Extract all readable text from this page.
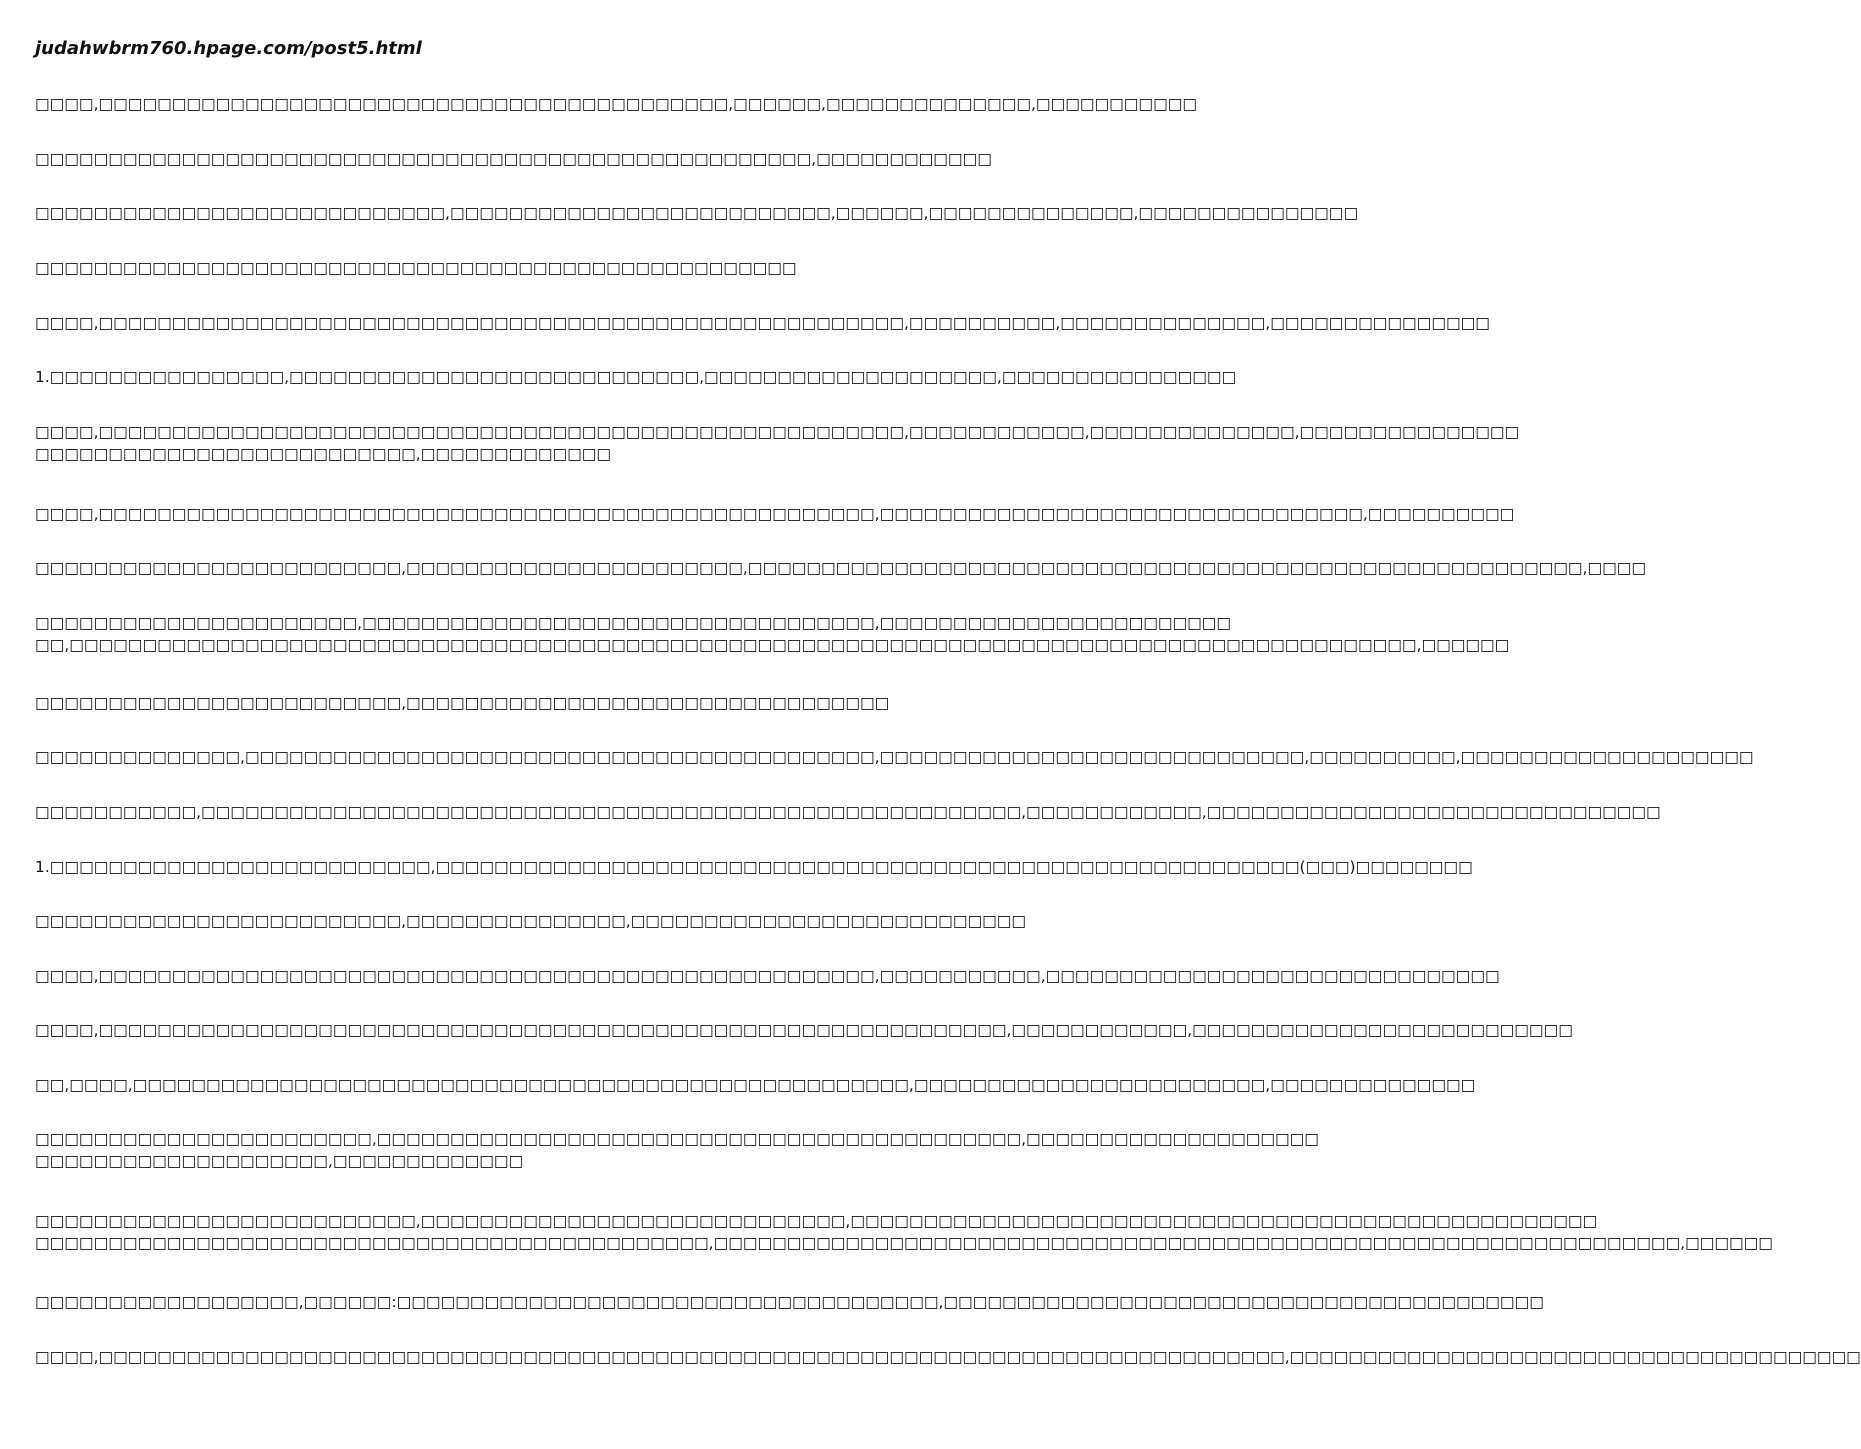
judahwbrm760.hpage.com/post5.html

□□□□,□□□□□□□□□□□□□□□□□□□□□□□□□□□□□□□□□□□□□□□□□□□,□□□□□□,□□□□□□□□□□□□□□,□□□□□□□□□□□

□□□□□□□□□□□□□□□□□□□□□□□□□□□□□□□□□□□□□□□□□□□□□□□□□□□□□,□□□□□□□□□□□□

□□□□□□□□□□□□□□□□□□□□□□□□□□□□,□□□□□□□□□□□□□□□□□□□□□□□□□□,□□□□□□,□□□□□□□□□□□□□□,□□□□□□□□□□□□□□□

□□□□□□□□□□□□□□□□□□□□□□□□□□□□□□□□□□□□□□□□□□□□□□□□□□□□

□□□□,□□□□□□□□□□□□□□□□□□□□□□□□□□□□□□□□□□□□□□□□□□□□□□□□□□□□□□□,□□□□□□□□□□,□□□□□□□□□□□□□□,□□□□□□□□□□□□□□□

1.□□□□□□□□□□□□□□□□,□□□□□□□□□□□□□□□□□□□□□□□□□□□□,□□□□□□□□□□□□□□□□□□□□,□□□□□□□□□□□□□□□□

□□□□,□□□□□□□□□□□□□□□□□□□□□□□□□□□□□□□□□□□□□□□□□□□□□□□□□□□□□□□,□□□□□□□□□□□□,□□□□□□□□□□□□□□,□□□□□□□□□□□□□□□
□□□□□□□□□□□□□□□□□□□□□□□□□□,□□□□□□□□□□□□□

□□□□,□□□□□□□□□□□□□□□□□□□□□□□□□□□□□□□□□□□□□□□□□□□□□□□□□□□□□,□□□□□□□□□□□□□□□□□□□□□□□□□□□□□□□□□,□□□□□□□□□□

□□□□□□□□□□□□□□□□□□□□□□□□□,□□□□□□□□□□□□□□□□□□□□□□□,□□□□□□□□□□□□□□□□□□□□□□□□□□□□□□□□□□□□□□□□□□□□□□□□□□□□□□□□□,□□□□

□□□□□□□□□□□□□□□□□□□□□□,□□□□□□□□□□□□□□□□□□□□□□□□□□□□□□□□□□□,□□□□□□□□□□□□□□□□□□□□□□□□
□□,□□□□□□□□□□□□□□□□□□□□□□□□□□□□□□□□□□□□□□□□□□□□□□□□□□□□□□□□□□□□□□□□□□□□□□□□□□□□□□□□□□□□□□□□□□□□,□□□□□□

□□□□□□□□□□□□□□□□□□□□□□□□□,□□□□□□□□□□□□□□□□□□□□□□□□□□□□□□□□□

□□□□□□□□□□□□□□,□□□□□□□□□□□□□□□□□□□□□□□□□□□□□□□□□□□□□□□□□□□,□□□□□□□□□□□□□□□□□□□□□□□□□□□□□,□□□□□□□□□□,□□□□□□□□□□□□□□□□□□□□

□□□□□□□□□□□,□□□□□□□□□□□□□□□□□□□□□□□□□□□□□□□□□□□□□□□□□□□□□□□□□□□□□□□□,□□□□□□□□□□□□,□□□□□□□□□□□□□□□□□□□□□□□□□□□□□□□

1.□□□□□□□□□□□□□□□□□□□□□□□□□□,□□□□□□□□□□□□□□□□□□□□□□□□□□□□□□□□□□□□□□□□□□□□□□□□□□□□□□□□□□□(□□□)□□□□□□□□

□□□□□□□□□□□□□□□□□□□□□□□□□,□□□□□□□□□□□□□□□,□□□□□□□□□□□□□□□□□□□□□□□□□□□

□□□□,□□□□□□□□□□□□□□□□□□□□□□□□□□□□□□□□□□□□□□□□□□□□□□□□□□□□□,□□□□□□□□□□□,□□□□□□□□□□□□□□□□□□□□□□□□□□□□□□□

□□□□,□□□□□□□□□□□□□□□□□□□□□□□□□□□□□□□□□□□□□□□□□□□□□□□□□□□□□□□□□□□□□□,□□□□□□□□□□□□,□□□□□□□□□□□□□□□□□□□□□□□□□□

□□,□□□□,□□□□□□□□□□□□□□□□□□□□□□□□□□□□□□□□□□□□□□□□□□□□□□□□□□□□□,□□□□□□□□□□□□□□□□□□□□□□□□,□□□□□□□□□□□□□□

□□□□□□□□□□□□□□□□□□□□□□□,□□□□□□□□□□□□□□□□□□□□□□□□□□□□□□□□□□□□□□□□□□□□,□□□□□□□□□□□□□□□□□□□□
□□□□□□□□□□□□□□□□□□□□,□□□□□□□□□□□□□

□□□□□□□□□□□□□□□□□□□□□□□□□□,□□□□□□□□□□□□□□□□□□□□□□□□□□□□□,□□□□□□□□□□□□□□□□□□□□□□□□□□□□□□□□□□□□□□□□□□□□□□□□□□□
□□□□□□□□□□□□□□□□□□□□□□□□□□□□□□□□□□□□□□□□□□□□□□,□□□□□□□□□□□□□□□□□□□□□□□□□□□□□□□□□□□□□□□□□□□□□□□□□□□□□□□□□□□□□□□□□□,□□□□□□

□□□□□□□□□□□□□□□□□□,□□□□□□:□□□□□□□□□□□□□□□□□□□□□□□□□□□□□□□□□□□□□,□□□□□□□□□□□□□□□□□□□□□□□□□□□□□□□□□□□□□□□□□

□□□□,□□□□□□□□□□□□□□□□□□□□□□□□□□□□□□□□□□□□□□□□□□□□□□□□□□□□□□□□□□□□□□□□□□□□□□□□□□□□□□□□□,□□□□□□□□□□□□□□□□□□□□□□□□□□□□□□□□□□□□□□□
